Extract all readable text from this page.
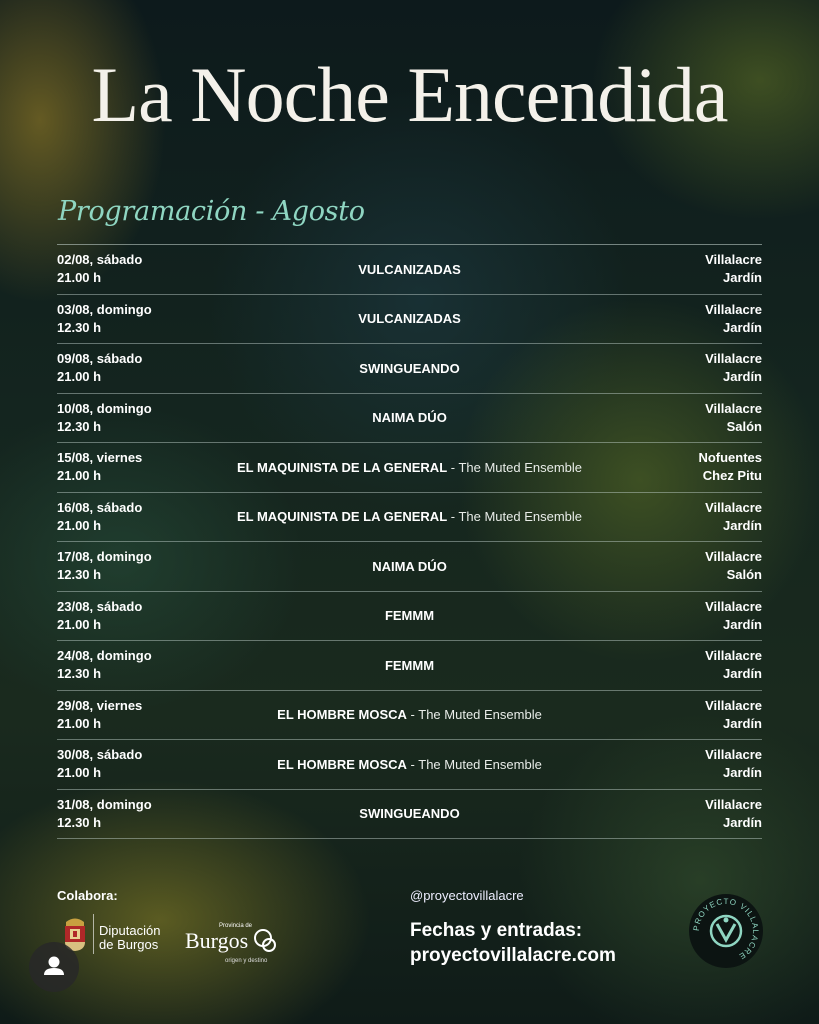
La Noche Encendida
Programación - Agosto
02/08, sábado
21.00 h
VULCANIZADAS
Villalacre
Jardín
03/08, domingo
12.30 h
VULCANIZADAS
Villalacre
Jardín
09/08, sábado
21.00 h
SWINGUEANDO
Villalacre
Jardín
10/08, domingo
12.30 h
NAIMA DÚO
Villalacre
Salón
15/08, viernes
21.00 h
EL MAQUINISTA DE LA GENERAL - The Muted Ensemble
Nofuentes
Chez Pitu
16/08, sábado
21.00 h
EL MAQUINISTA DE LA GENERAL - The Muted Ensemble
Villalacre
Jardín
17/08, domingo
12.30 h
NAIMA DÚO
Villalacre
Salón
23/08, sábado
21.00 h
FEMMM
Villalacre
Jardín
24/08, domingo
12.30 h
FEMMM
Villalacre
Jardín
29/08, viernes
21.00 h
EL HOMBRE MOSCA - The Muted Ensemble
Villalacre
Jardín
30/08, sábado
21.00 h
EL HOMBRE MOSCA - The Muted Ensemble
Villalacre
Jardín
31/08, domingo
12.30 h
SWINGUEANDO
Villalacre
Jardín
Colabora:
Diputación
de Burgos
Provincia de
Burgos
origen y destino
@proyectovillalacre
Fechas y entradas:
proyectovillalacre.com
PROYECTO VILLALACRE
